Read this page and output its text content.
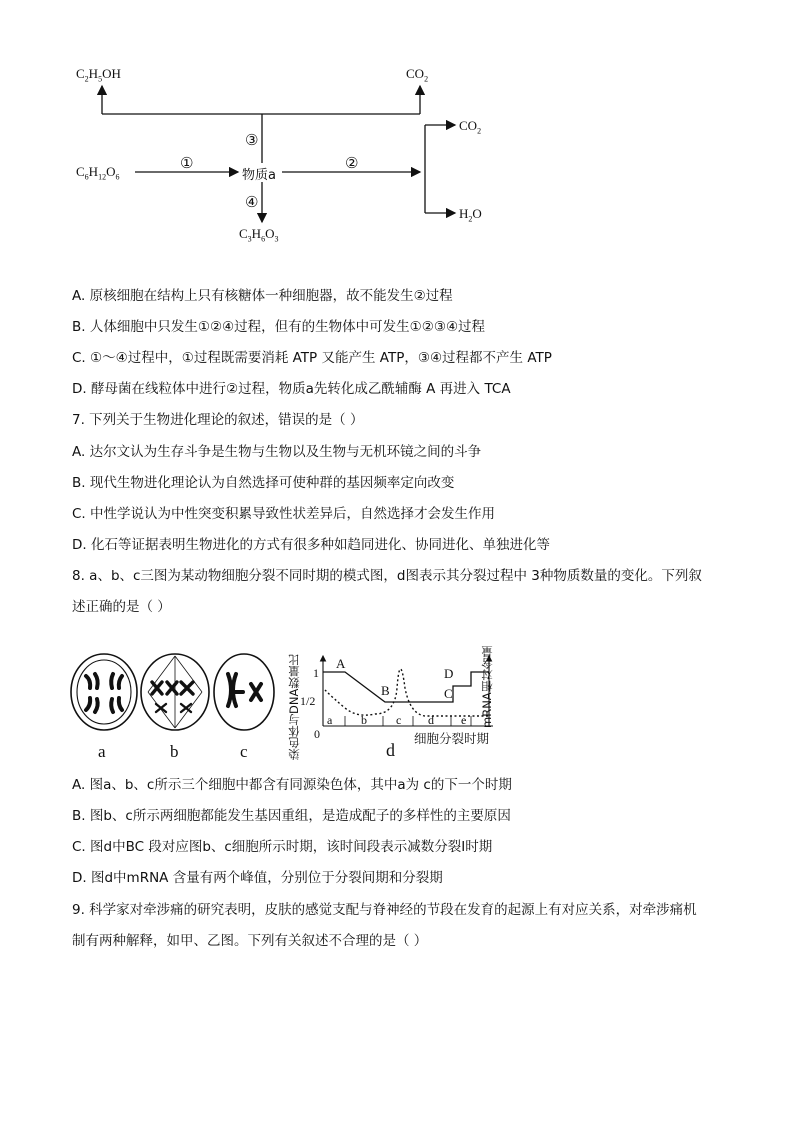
$C_2H_5OH$	$CO_2$
$CO_2$
$C_6H_{12}O_6$	物质a
$H_2O$
$C_3H_6O_3$
①	②
③
④
A. 原核细胞在结构上只有核糖体一种细胞器，故不能发生②过程
B. 人体细胞中只发生①②④过程，但有的生物体中可发生①②③④过程
C. ①～④过程中，①过程既需要消耗 ATP 又能产生 ATP，③④过程都不产生 ATP
D. 酵母菌在线粒体中进行②过程，物质a先转化成乙酰辅酶 A 再进入 TCA
7. 下列关于生物进化理论的叙述，错误的是（ ）
A. 达尔文认为生存斗争是生物与生物以及生物与无机环镜之间的斗争
B. 现代生物进化理论认为自然选择可使种群的基因频率定向改变
C. 中性学说认为中性突变积累导致性状差异后，自然选择才会发生作用
D. 化石等证据表明生物进化的方式有很多种如趋同进化、协同进化、单独进化等
8. a、b、c三图为某动物细胞分裂不同时期的模式图，d图表示其分裂过程中 3种物质数量的变化。下列叙
述正确的是（ ）
a	b	c
1
1/2
0
A
B	C
D
a b c d e
染色体与DNA数量比	mRNA相对含量
细胞分裂时期
d
A. 图a、b、c所示三个细胞中都含有同源染色体，其中a为 c的下一个时期
B. 图b、c所示两细胞都能发生基因重组，是造成配子的多样性的主要原因
C. 图d中BC 段对应图b、c细胞所示时期，该时间段表示减数分裂Ⅰ时期
D. 图d中mRNA 含量有两个峰值，分别位于分裂间期和分裂期
9. 科学家对牵涉痛的研究表明，皮肤的感觉支配与脊神经的节段在发育的起源上有对应关系，对牵涉痛机
制有两种解释，如甲、乙图。下列有关叙述不合理的是（ ）
